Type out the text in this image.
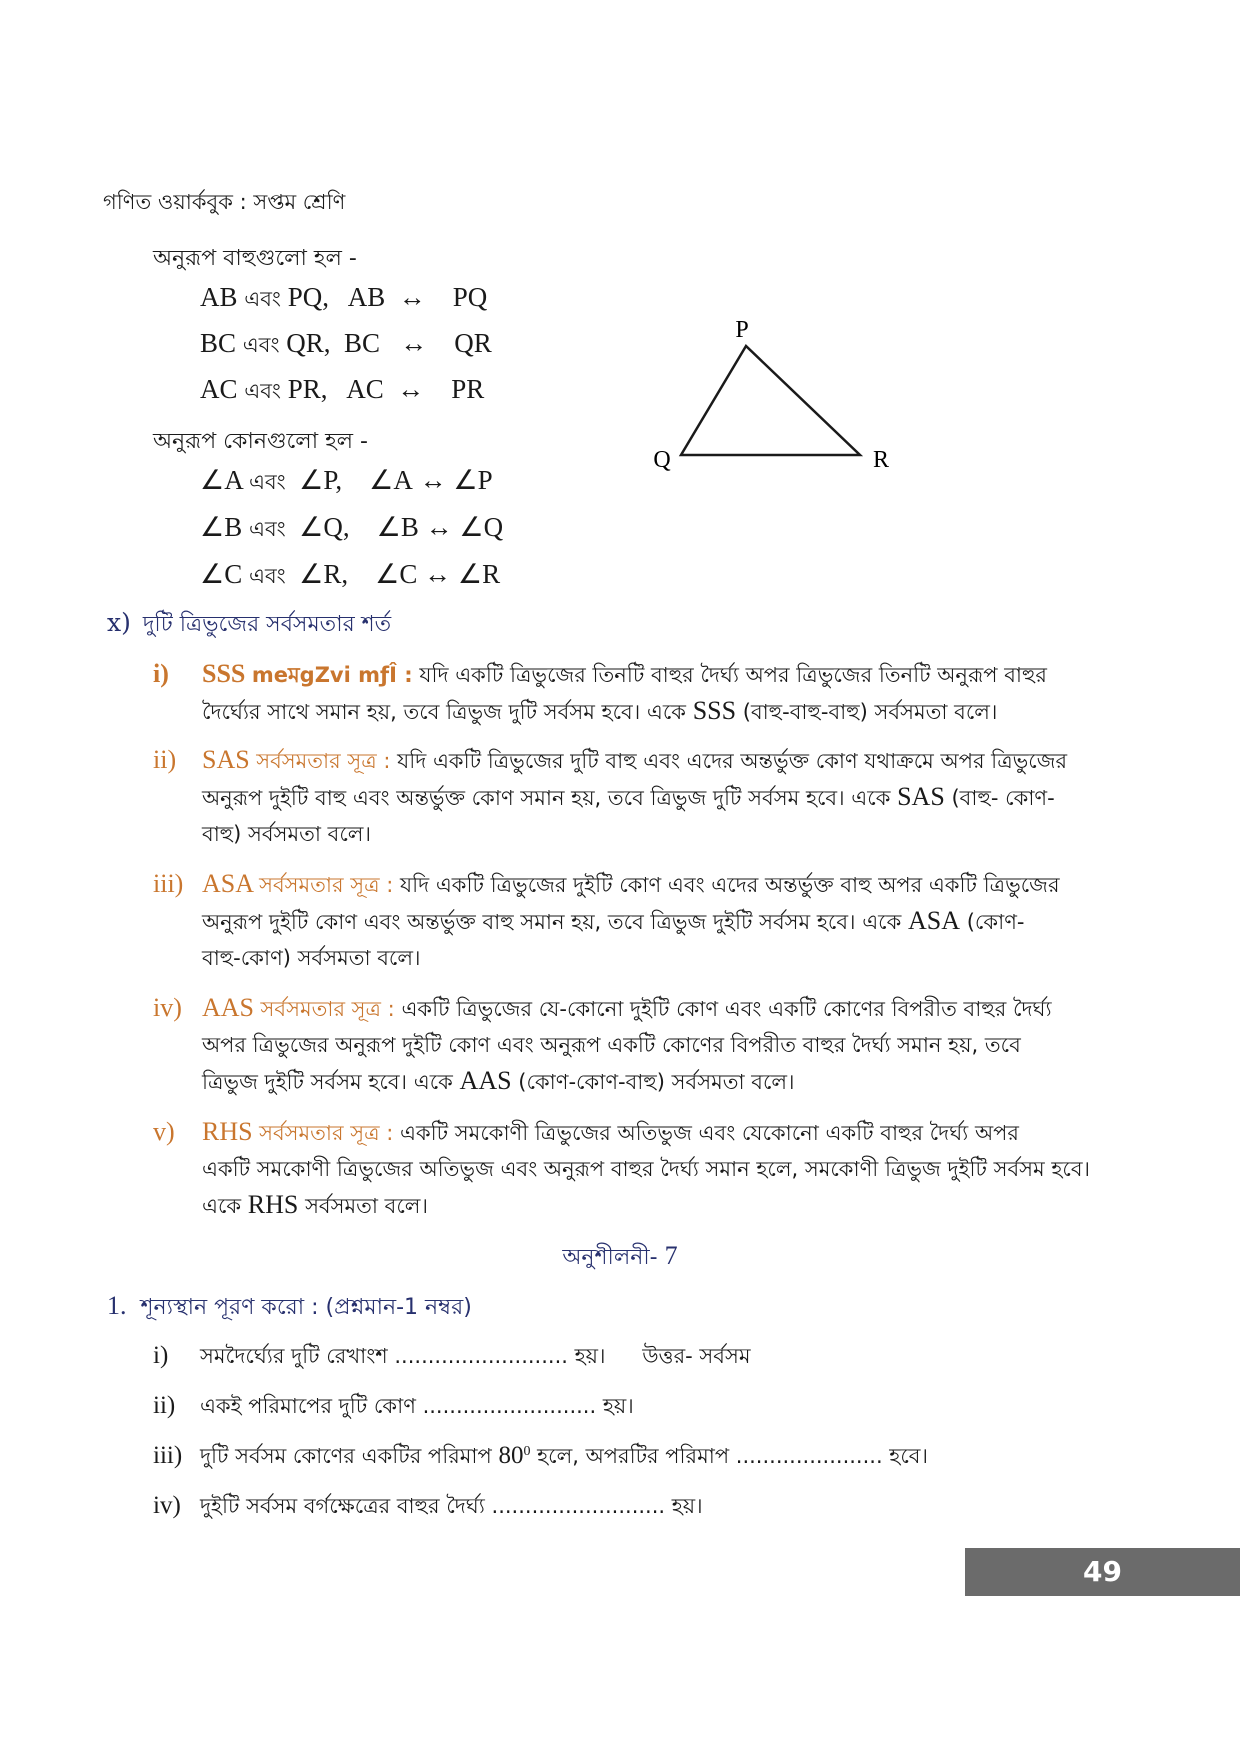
গণিত ওয়ার্কবুক : সপ্তম শ্রেণি
অনুরূপ বাহুগুলো হল -
AB এবং PQ, AB ↔ PQ
BC এবং QR, BC ↔ QR
AC এবং PR, AC ↔ PR
অনুরূপ কোনগুলো হল -
∠A এবং ∠P, ∠A ↔ ∠P
∠B এবং ∠Q, ∠B ↔ ∠Q
∠C এবং ∠R, ∠C ↔ ∠R
P
Q	R
x) দুটি ত্রিভুজের সর্বসমতার শর্ত
i) SSS meমgZvi mƒÎ : যদি একটি ত্রিভুজের তিনটি বাহুর দৈর্ঘ্য অপর ত্রিভুজের তিনটি অনুরূপ বাহুর
দৈর্ঘ্যের সাথে সমান হয়, তবে ত্রিভুজ দুটি সর্বসম হবে। একে SSS (বাহু-বাহু-বাহু) সর্বসমতা বলে।
ii) SAS সর্বসমতার সূত্র : যদি একটি ত্রিভুজের দুটি বাহু এবং এদের অন্তর্ভুক্ত কোণ যথাক্রমে অপর ত্রিভুজের
অনুরূপ দুইটি বাহু এবং অন্তর্ভুক্ত কোণ সমান হয়, তবে ত্রিভুজ দুটি সর্বসম হবে। একে SAS (বাহু- কোণ-
বাহু) সর্বসমতা বলে।
iii) ASA সর্বসমতার সূত্র : যদি একটি ত্রিভুজের দুইটি কোণ এবং এদের অন্তর্ভুক্ত বাহু অপর একটি ত্রিভুজের
অনুরূপ দুইটি কোণ এবং অন্তর্ভুক্ত বাহু সমান হয়, তবে ত্রিভুজ দুইটি সর্বসম হবে। একে ASA (কোণ-
বাহু-কোণ) সর্বসমতা বলে।
iv) AAS সর্বসমতার সূত্র : একটি ত্রিভুজের যে-কোনো দুইটি কোণ এবং একটি কোণের বিপরীত বাহুর দৈর্ঘ্য
অপর ত্রিভুজের অনুরূপ দুইটি কোণ এবং অনুরূপ একটি কোণের বিপরীত বাহুর দৈর্ঘ্য সমান হয়, তবে
ত্রিভুজ দুইটি সর্বসম হবে। একে AAS (কোণ-কোণ-বাহু) সর্বসমতা বলে।
v) RHS সর্বসমতার সূত্র : একটি সমকোণী ত্রিভুজের অতিভুজ এবং যেকোনো একটি বাহুর দৈর্ঘ্য অপর
একটি সমকোণী ত্রিভুজের অতিভুজ এবং অনুরূপ বাহুর দৈর্ঘ্য সমান হলে, সমকোণী ত্রিভুজ দুইটি সর্বসম হবে।
একে RHS সর্বসমতা বলে।
অনুশীলনী- 7
1. শূন্যস্থান পূরণ করো : (প্রশ্নমান-1 নম্বর)
i) সমদৈর্ঘ্যের দুটি রেখাংশ .......................... হয়। উত্তর- সর্বসম
ii) একই পরিমাপের দুটি কোণ .......................... হয়।
iii) দুটি সর্বসম কোণের একটির পরিমাপ $80^0$ হলে, অপরটির পরিমাপ ...................... হবে।
iv) দুইটি সর্বসম বর্গক্ষেত্রের বাহুর দৈর্ঘ্য .......................... হয়।
49
